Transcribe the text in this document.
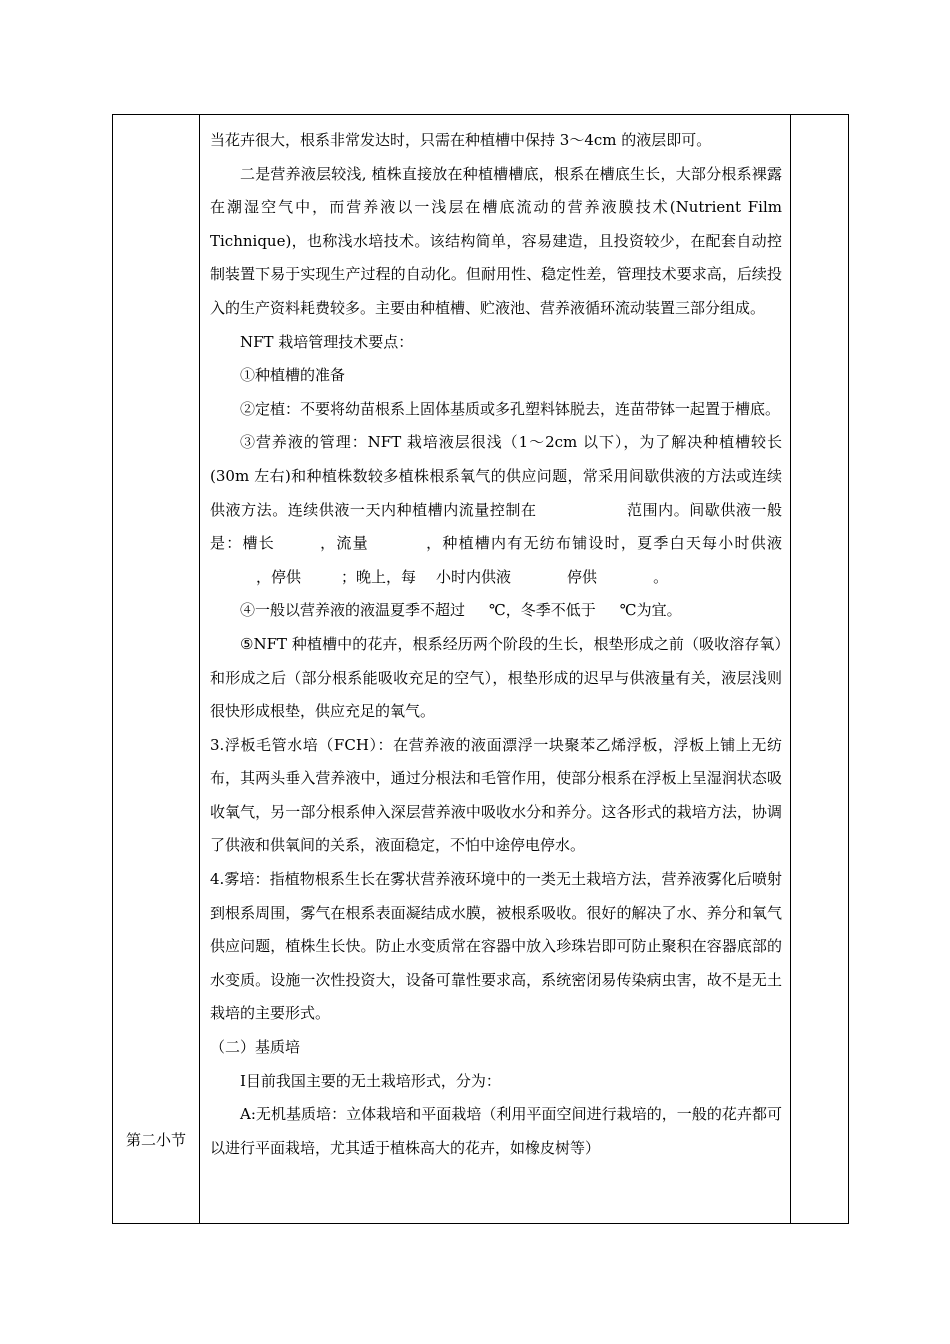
第二小节

当花卉很大，根系非常发达时，只需在种植槽中保持 3～4cm 的液层即可。

二是营养液层较浅, 植株直接放在种植槽槽底，根系在槽底生长，大部分根系裸露在潮湿空气中，而营养液以一浅层在槽底流动的营养液膜技术(Nutrient Film Tichnique)，也称浅水培技术。该结构简单，容易建造，且投资较少，在配套自动控制装置下易于实现生产过程的自动化。但耐用性、稳定性差，管理技术要求高，后续投入的生产资料耗费较多。主要由种植槽、贮液池、营养液循环流动装置三部分组成。

NFT 栽培管理技术要点：

①种植槽的准备

②定植：不要将幼苗根系上固体基质或多孔塑料钵脱去，连苗带钵一起置于槽底。

③营养液的管理：NFT 栽培液层很浅（1～2cm 以下），为了解决种植槽较长(30m 左右)和种植株数较多植株根系氧气的供应问题，常采用间歇供液的方法或连续供液方法。连续供液一天内种植槽内流量控制在	范围内。间歇供液一般是：槽长	，流量	，种植槽内有无纺布铺设时，夏季白天每小时供液，停供	；晚上，每 小时内供液	停供	。

④一般以营养液的液温夏季不超过 ℃，冬季不低于 ℃为宜。

⑤NFT 种植槽中的花卉，根系经历两个阶段的生长，根垫形成之前（吸收溶存氧）和形成之后（部分根系能吸收充足的空气），根垫形成的迟早与供液量有关，液层浅则很快形成根垫，供应充足的氧气。

3.浮板毛管水培（FCH）：在营养液的液面漂浮一块聚苯乙烯浮板，浮板上铺上无纺布，其两头垂入营养液中，通过分根法和毛管作用，使部分根系在浮板上呈湿润状态吸收氧气，另一部分根系伸入深层营养液中吸收水分和养分。这各形式的栽培方法，协调了供液和供氧间的关系，液面稳定，不怕中途停电停水。

4.雾培：指植物根系生长在雾状营养液环境中的一类无土栽培方法，营养液雾化后喷射到根系周围，雾气在根系表面凝结成水膜，被根系吸收。很好的解决了水、养分和氧气供应问题，植株生长快。防止水变质常在容器中放入珍珠岩即可防止聚积在容器底部的水变质。设施一次性投资大，设备可靠性要求高，系统密闭易传染病虫害，故不是无土栽培的主要形式。

（二）基质培

Ⅰ目前我国主要的无土栽培形式，分为：

A:无机基质培：立体栽培和平面栽培（利用平面空间进行栽培的，一般的花卉都可以进行平面栽培，尤其适于植株高大的花卉，如橡皮树等）
